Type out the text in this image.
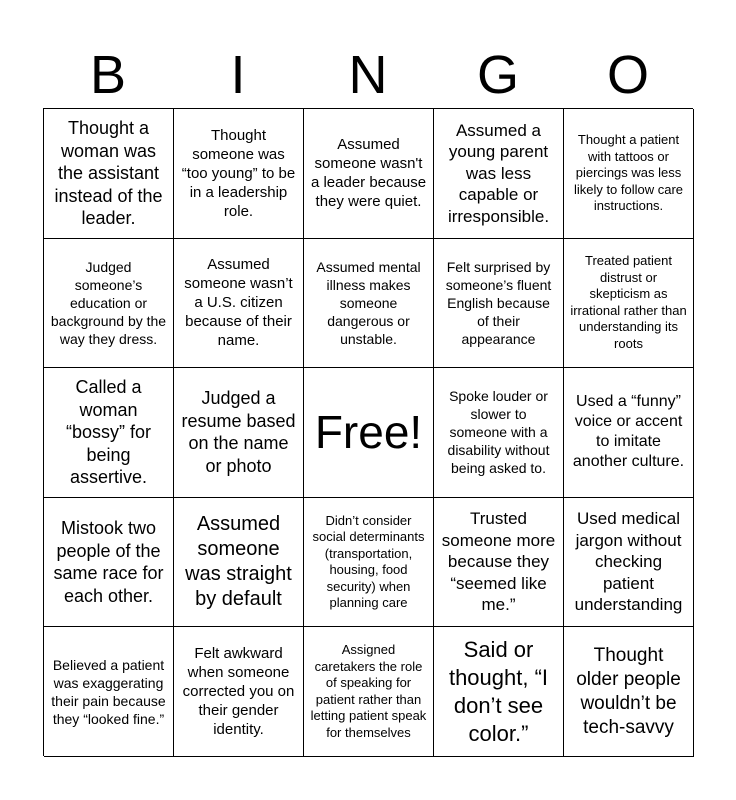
B	I	N	G	O
Thought a woman was the assistant instead of the leader.
Thought someone was “too young” to be in a leadership role.
Assumed someone wasn't a leader because they were quiet.
Assumed a young parent was less capable or irresponsible.
Thought a patient with tattoos or piercings was less likely to follow care instructions.
Judged someone’s education or background by the way they dress.
Assumed someone wasn’t a U.S. citizen because of their name.
Assumed mental illness makes someone dangerous or unstable.
Felt surprised by someone’s fluent English because of their appearance
Treated patient distrust or skepticism as irrational rather than understanding its roots
Called a woman “bossy” for being assertive.
Judged a resume based on the name or photo
Free!
Spoke louder or slower to someone with a disability without being asked to.
Used a “funny” voice or accent to imitate another culture.
Mistook two people of the same race for each other.
Assumed someone was straight by default
Didn’t consider social determinants (transportation, housing, food security) when planning care
Trusted someone more because they “seemed like me.”
Used medical jargon without checking patient understanding
Believed a patient was exaggerating their pain because they “looked fine.”
Felt awkward when someone corrected you on their gender identity.
Assigned caretakers the role of speaking for patient rather than letting patient speak for themselves
Said or thought, “I don’t see color.”
Thought older people wouldn’t be tech-savvy
